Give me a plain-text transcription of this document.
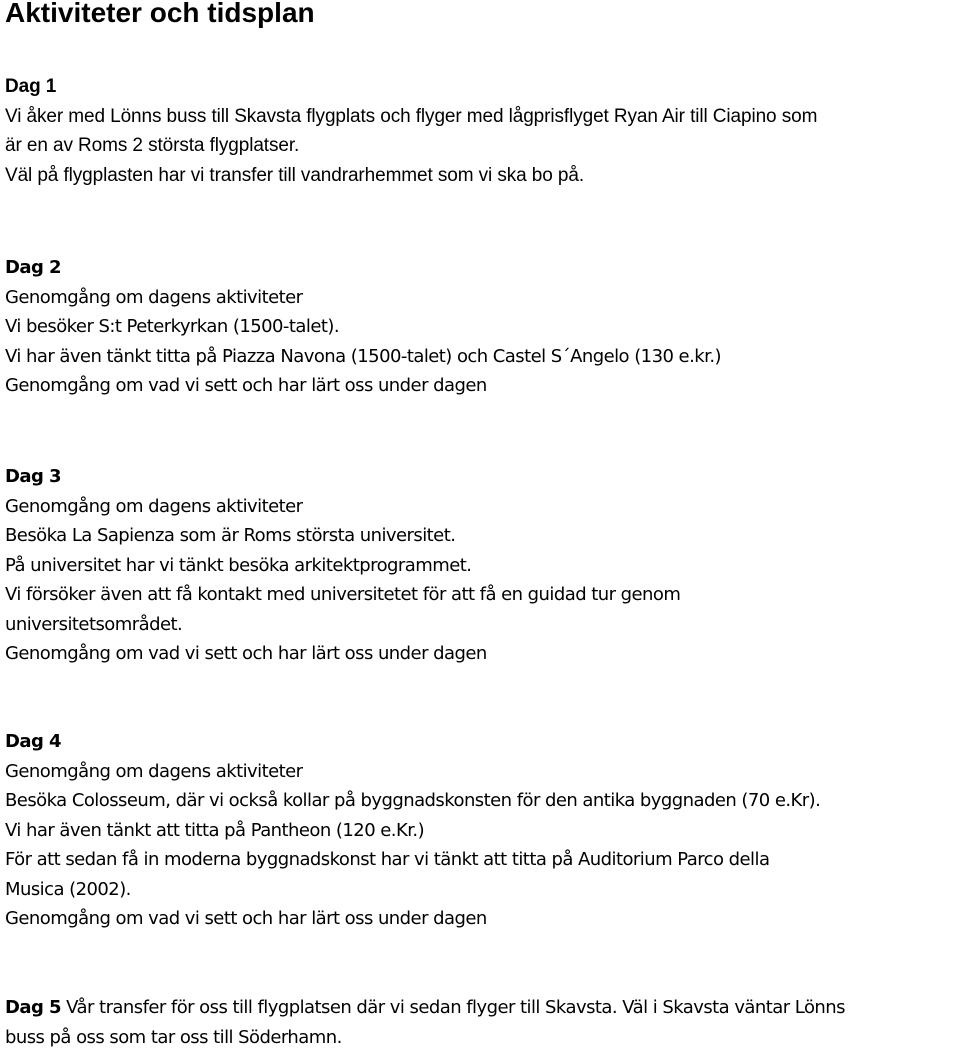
Aktiviteter och tidsplan
Dag 1
Vi åker med Lönns buss till Skavsta flygplats och flyger med lågprisflyget Ryan Air till Ciapino som
är en av Roms 2 största flygplatser.
Väl på flygplasten har vi transfer till vandrarhemmet som vi ska bo på.
Dag 2
Genomgång om dagens aktiviteter
Vi besöker S:t Peterkyrkan (1500-talet).
Vi har även tänkt titta på Piazza Navona (1500-talet) och Castel S´Angelo (130 e.kr.)
Genomgång om vad vi sett och har lärt oss under dagen
Dag 3
Genomgång om dagens aktiviteter
Besöka La Sapienza som är Roms största universitet.
På universitet har vi tänkt besöka arkitektprogrammet.
Vi försöker även att få kontakt med universitetet för att få en guidad tur genom
universitetsområdet.
Genomgång om vad vi sett och har lärt oss under dagen
Dag 4
Genomgång om dagens aktiviteter
Besöka Colosseum, där vi också kollar på byggnadskonsten för den antika byggnaden (70 e.Kr).
Vi har även tänkt att titta på Pantheon (120 e.Kr.)
För att sedan få in moderna byggnadskonst har vi tänkt att titta på Auditorium Parco della
Musica (2002).
Genomgång om vad vi sett och har lärt oss under dagen
Dag 5 Vår transfer för oss till flygplatsen där vi sedan flyger till Skavsta. Väl i Skavsta väntar Lönns
buss på oss som tar oss till Söderhamn.
